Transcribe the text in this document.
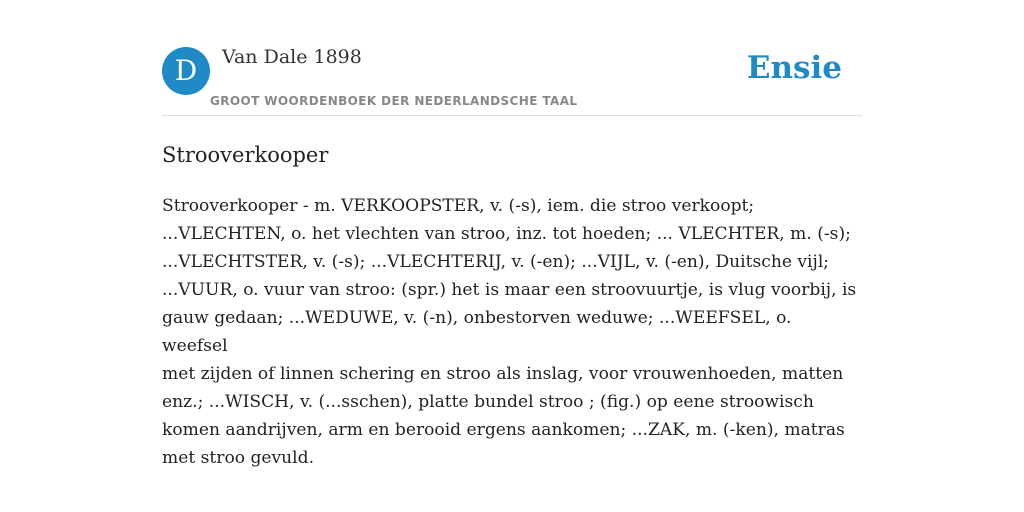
D	Van Dale 1898
GROOT WOORDENBOEK DER NEDERLANDSCHE TAAL
Ensie
Strooverkooper

Strooverkooper - m. VERKOOPSTER, v. (-s), iem. die stroo verkoopt;
...VLECHTEN, o. het vlechten van stroo, inz. tot hoeden; ... VLECHTER, m. (-s);
...VLECHTSTER, v. (-s); ...VLECHTERIJ, v. (-en); ...VIJL, v. (-en), Duitsche vijl;
...VUUR, o. vuur van stroo: (spr.) het is maar een stroovuurtje, is vlug voorbij, is
gauw gedaan; ...WEDUWE, v. (-n), onbestorven weduwe; ...WEEFSEL, o. weefsel
met zijden of linnen schering en stroo als inslag, voor vrouwenhoeden, matten
enz.; ...WISCH, v. (...sschen), platte bundel stroo ; (fig.) op eene stroowisch
komen aandrijven, arm en berooid ergens aankomen; ...ZAK, m. (-ken), matras
met stroo gevuld.
